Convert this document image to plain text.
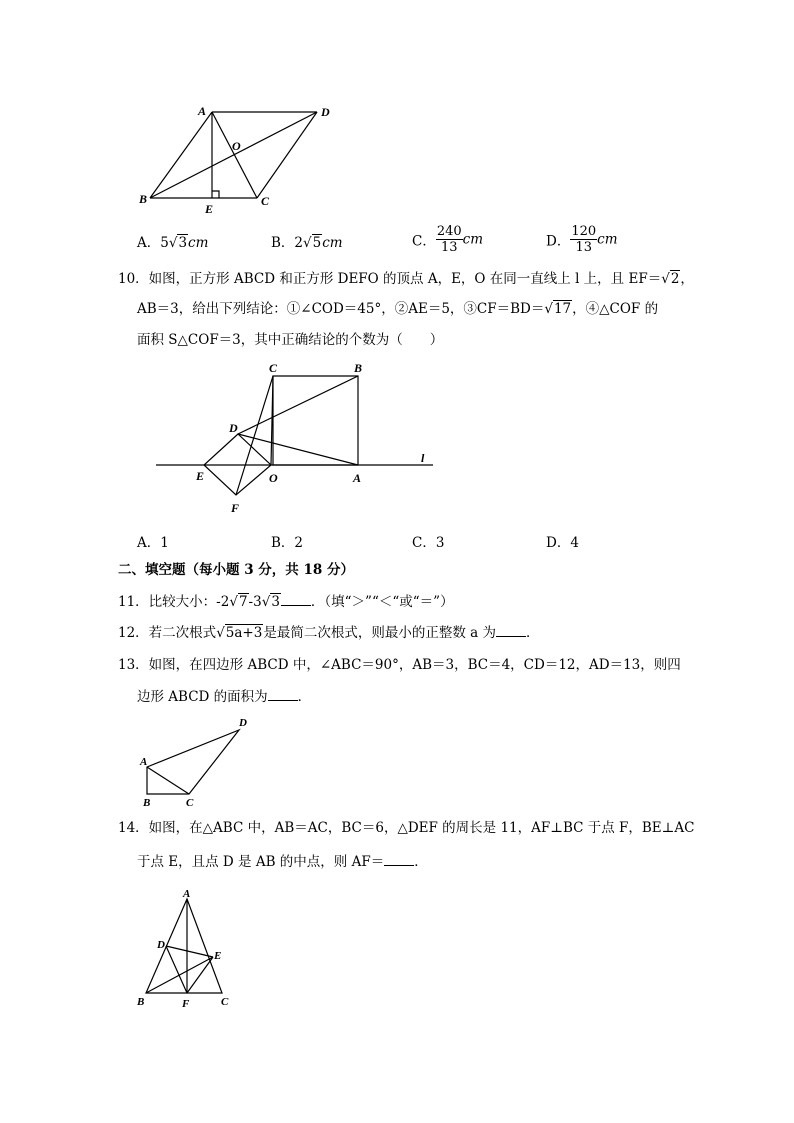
A	D
O
B
E
C
A．5√3cm	B．2√5cm	C． $\frac{240}{13}$ cm	D． $\frac{120}{13}$ cm
10．如图，正方形 ABCD 和正方形 DEFO 的顶点 A，E，O 在同一直线上 l 上，且 EF＝√2，
AB＝3，给出下列结论：①∠COD＝45°，②AE＝5，③CF＝BD＝√17，④△COF 的
面积 S△COF＝3，其中正确结论的个数为（　　）
C	B
D
E	O	A
F
l
A．1	B．2	C．3	D．4
二、填空题（每小题 3 分，共 18 分）
11．比较大小：-2√7-3√3 ．（填“＞”“＜“或“＝”）
12．若二次根式√5a+3是最简二次根式，则最小的正整数 a 为 ．
13．如图，在四边形 ABCD 中，∠ABC＝90°，AB＝3，BC＝4，CD＝12，AD＝13，则四
边形 ABCD 的面积为 ．
D
A
B	C
14．如图，在△ABC 中，AB＝AC，BC＝6，△DEF 的周长是 11，AF⊥BC 于点 F，BE⊥AC
于点 E，且点 D 是 AB 的中点，则 AF＝ ．
A
D
E
B	F	C
